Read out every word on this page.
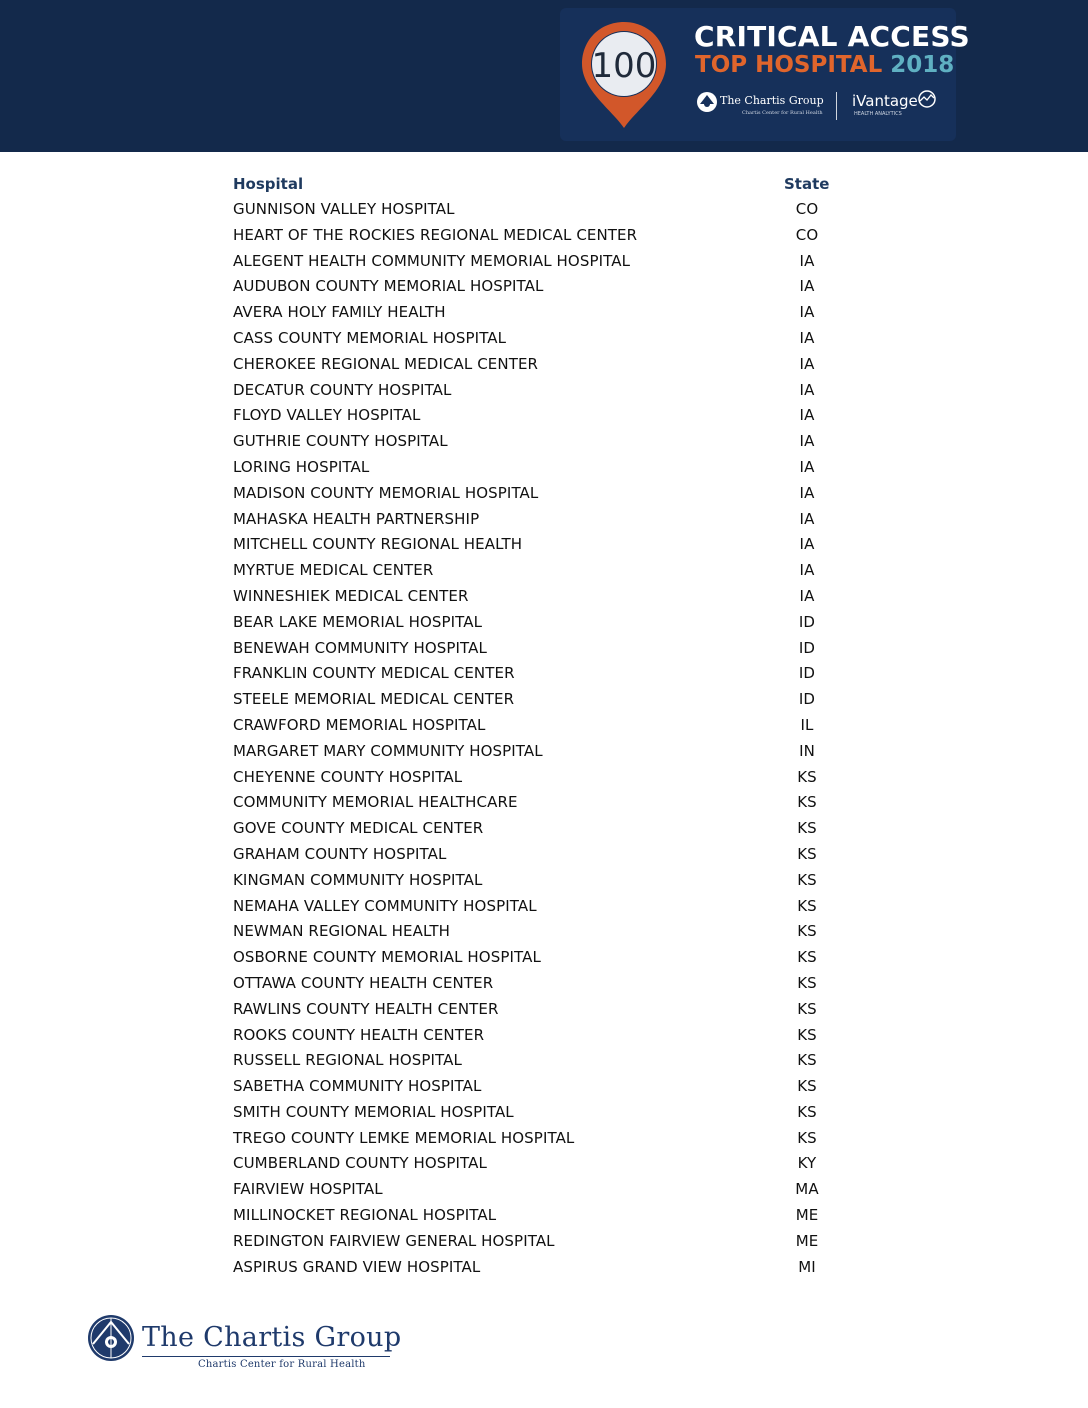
100
CRITICAL ACCESS
TOP HOSPITAL 2018
The Chartis Group
Chartis Center for Rural Health
iVantage
HEALTH ANALYTICS
Hospital	State
GUNNISON VALLEY HOSPITAL	CO
HEART OF THE ROCKIES REGIONAL MEDICAL CENTER	CO
ALEGENT HEALTH COMMUNITY MEMORIAL HOSPITAL	IA
AUDUBON COUNTY MEMORIAL HOSPITAL	IA
AVERA HOLY FAMILY HEALTH	IA
CASS COUNTY MEMORIAL HOSPITAL	IA
CHEROKEE REGIONAL MEDICAL CENTER	IA
DECATUR COUNTY HOSPITAL	IA
FLOYD VALLEY HOSPITAL	IA
GUTHRIE COUNTY HOSPITAL	IA
LORING HOSPITAL	IA
MADISON COUNTY MEMORIAL HOSPITAL	IA
MAHASKA HEALTH PARTNERSHIP	IA
MITCHELL COUNTY REGIONAL HEALTH	IA
MYRTUE MEDICAL CENTER	IA
WINNESHIEK MEDICAL CENTER	IA
BEAR LAKE MEMORIAL HOSPITAL	ID
BENEWAH COMMUNITY HOSPITAL	ID
FRANKLIN COUNTY MEDICAL CENTER	ID
STEELE MEMORIAL MEDICAL CENTER	ID
CRAWFORD MEMORIAL HOSPITAL	IL
MARGARET MARY COMMUNITY HOSPITAL	IN
CHEYENNE COUNTY HOSPITAL	KS
COMMUNITY MEMORIAL HEALTHCARE	KS
GOVE COUNTY MEDICAL CENTER	KS
GRAHAM COUNTY HOSPITAL	KS
KINGMAN COMMUNITY HOSPITAL	KS
NEMAHA VALLEY COMMUNITY HOSPITAL	KS
NEWMAN REGIONAL HEALTH	KS
OSBORNE COUNTY MEMORIAL HOSPITAL	KS
OTTAWA COUNTY HEALTH CENTER	KS
RAWLINS COUNTY HEALTH CENTER	KS
ROOKS COUNTY HEALTH CENTER	KS
RUSSELL REGIONAL HOSPITAL	KS
SABETHA COMMUNITY HOSPITAL	KS
SMITH COUNTY MEMORIAL HOSPITAL	KS
TREGO COUNTY LEMKE MEMORIAL HOSPITAL	KS
CUMBERLAND COUNTY HOSPITAL	KY
FAIRVIEW HOSPITAL	MA
MILLINOCKET REGIONAL HOSPITAL	ME
REDINGTON FAIRVIEW GENERAL HOSPITAL	ME
ASPIRUS GRAND VIEW HOSPITAL	MI
The Chartis Group
Chartis Center for Rural Health
